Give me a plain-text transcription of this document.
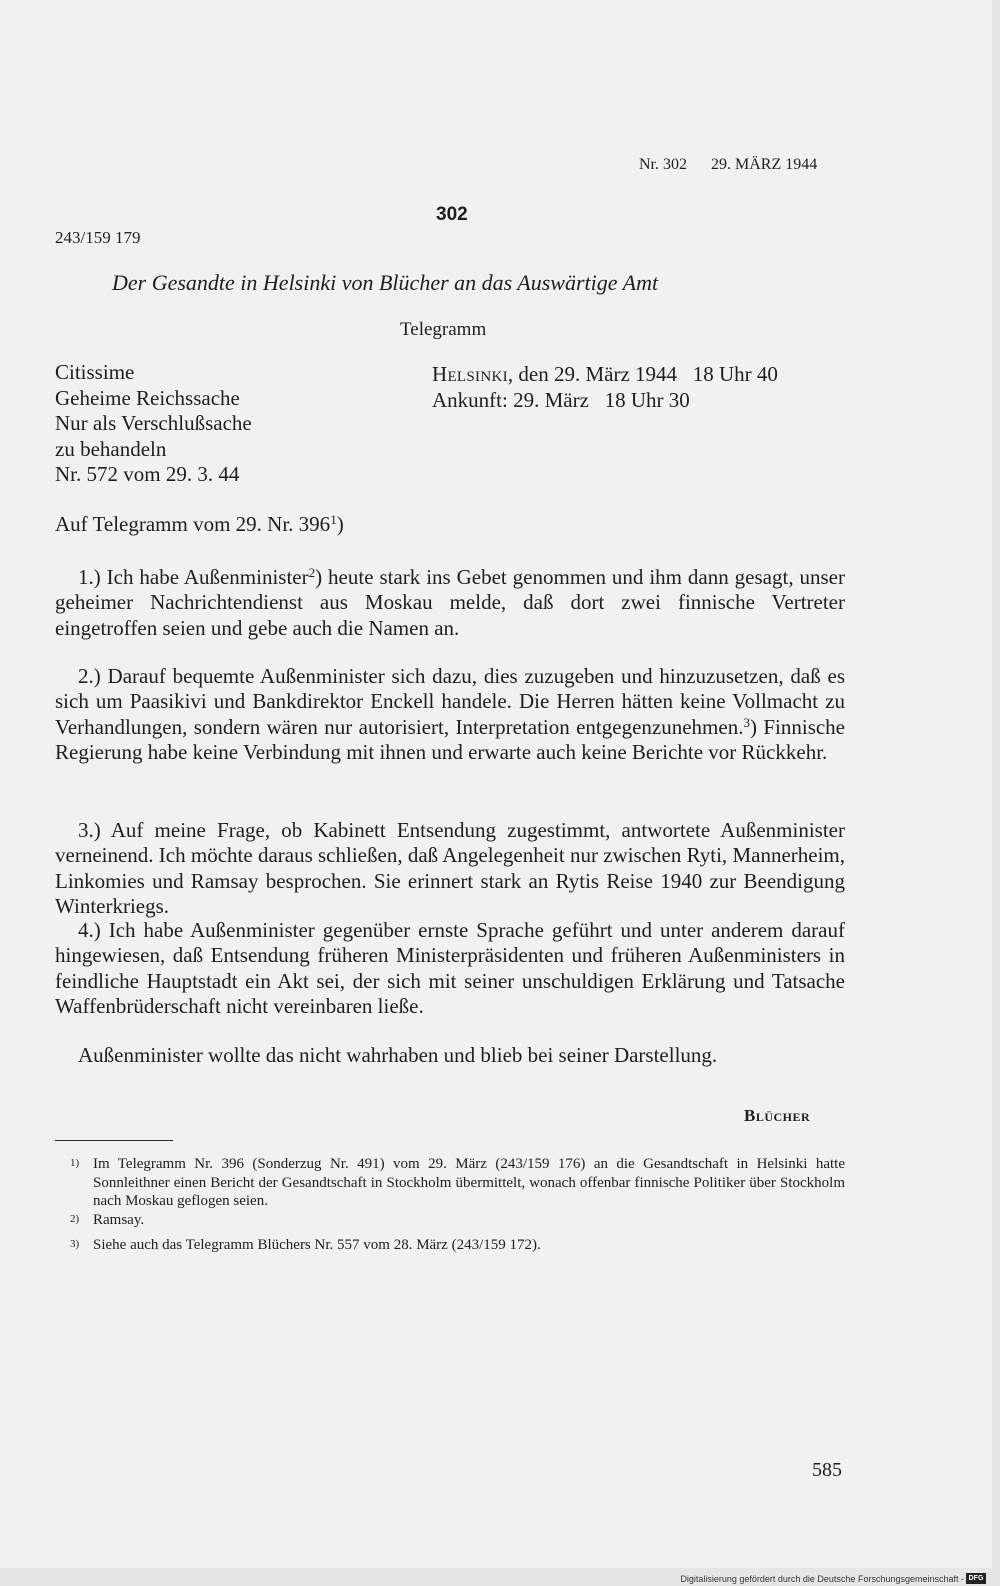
Nr. 302 29. MÄRZ 1944
302
243/159 179
Der Gesandte in Helsinki von Blücher an das Auswärtige Amt
Telegramm
Citissime
Geheime Reichssache
Nur als Verschlußsache
zu behandeln
Nr. 572 vom 29. 3. 44
Helsinki, den 29. März 1944   18 Uhr 40
Ankunft: 29. März   18 Uhr 30
Auf Telegramm vom 29. Nr. $396^1$)
1.) Ich habe Außenminister$^2$) heute stark ins Gebet genommen und ihm dann gesagt, unser geheimer Nachrichtendienst aus Moskau melde, daß dort zwei finnische Vertreter eingetroffen seien und gebe auch die Namen an.
2.) Darauf bequemte Außenminister sich dazu, dies zuzugeben und hinzuzusetzen, daß es sich um Paasikivi und Bankdirektor Enckell handele. Die Herren hätten keine Vollmacht zu Verhandlungen, sondern wären nur autorisiert, Interpretation entgegenzunehmen.$^3$) Finnische Regierung habe keine Verbindung mit ihnen und erwarte auch keine Berichte vor Rückkehr.
3.) Auf meine Frage, ob Kabinett Entsendung zugestimmt, antwortete Außenminister verneinend. Ich möchte daraus schließen, daß Angelegenheit nur zwischen Ryti, Mannerheim, Linkomies und Ramsay besprochen. Sie erinnert stark an Rytis Reise 1940 zur Beendigung Winterkriegs.
4.) Ich habe Außenminister gegenüber ernste Sprache geführt und unter anderem darauf hingewiesen, daß Entsendung früheren Ministerpräsidenten und früheren Außenministers in feindliche Hauptstadt ein Akt sei, der sich mit seiner unschuldigen Erklärung und Tatsache Waffenbrüderschaft nicht vereinbaren ließe.
Außenminister wollte das nicht wahrhaben und blieb bei seiner Darstellung.
Blücher
1) Im Telegramm Nr. 396 (Sonderzug Nr. 491) vom 29. März (243/159 176) an die Gesandtschaft in Helsinki hatte Sonnleithner einen Bericht der Gesandtschaft in Stockholm übermittelt, wonach offenbar finnische Politiker über Stockholm nach Moskau geflogen seien.
2) Ramsay.
3) Siehe auch das Telegramm Blüchers Nr. 557 vom 28. März (243/159 172).
585
Digitalisierung gefördert durch die Deutsche Forschungsgemeinschaft - DFG
